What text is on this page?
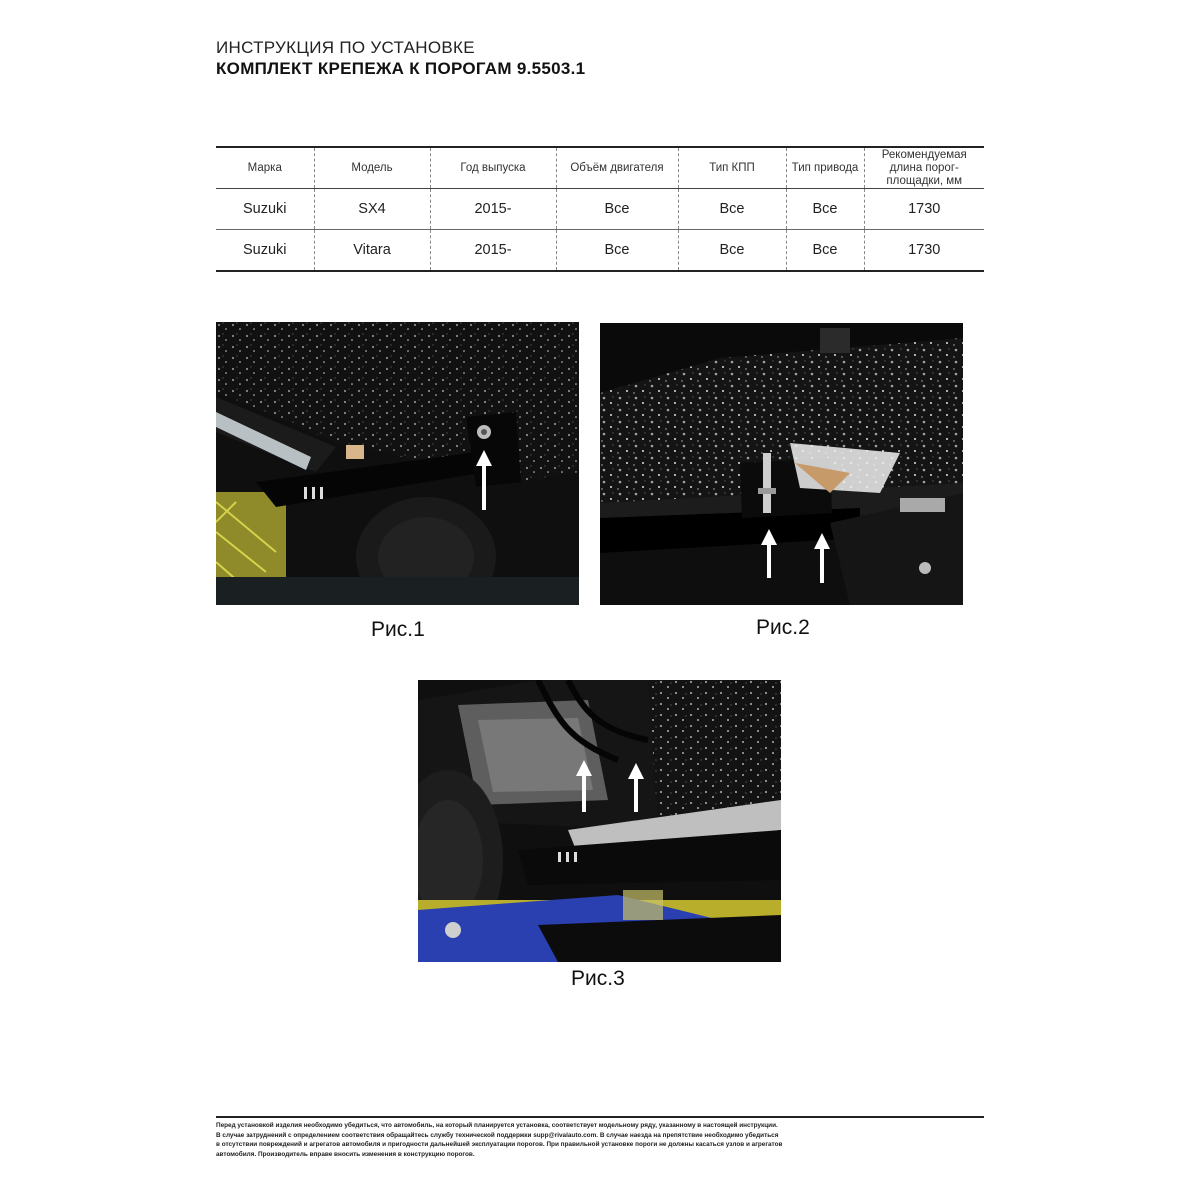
ИНСТРУКЦИЯ ПО УСТАНОВКЕ
КОМПЛЕКТ КРЕПЕЖА К ПОРОГАМ 9.5503.1
Марка	Модель	Год выпуска	Объём двигателя	Тип КПП	Тип привода	Рекомендуемая длина порог-площадки, мм
Suzuki	SX4	2015-	Все	Все	Все	1730
Suzuki	Vitara	2015-	Все	Все	Все	1730
Рис.1	Рис.2
Рис.3

Перед установкой изделия необходимо убедиться, что автомобиль, на который планируется установка, соответствует модельному ряду, указанному в настоящей инструкции.

В случае затруднений с определением соответствия обращайтесь службу технической поддержки supp@rivalauto.com. В случае наезда на препятствие необходимо убедиться

в отсутствии повреждений и агрегатов автомобиля и пригодности дальнейшей эксплуатации порогов. При правильной установке пороги не должны касаться узлов и агрегатов

автомобиля. Производитель вправе вносить изменения в конструкцию порогов.
